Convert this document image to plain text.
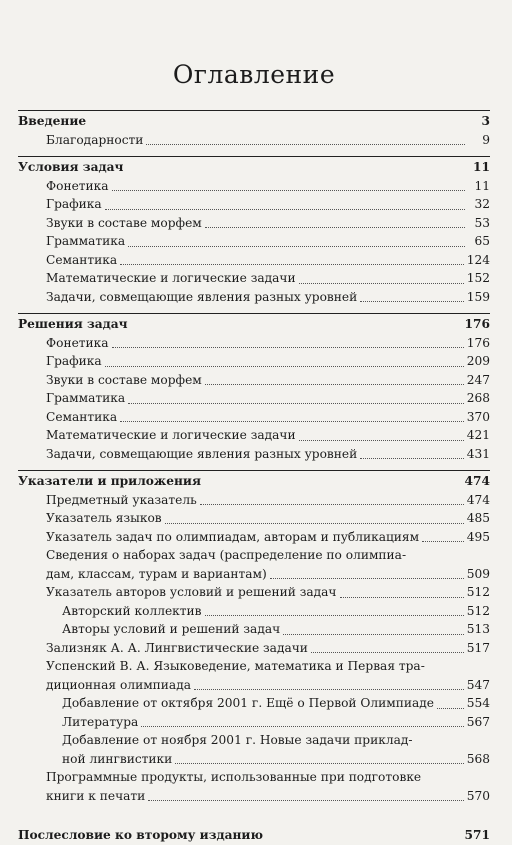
Оглавление
Введение	3
Благодарности	9
Условия задач	11
Фонетика	11
Графика	32
Звуки в составе морфем	53
Грамматика	65
Семантика	124
Математические и логические задачи	152
Задачи, совмещающие явления разных уровней	159
Решения задач	176
Фонетика	176
Графика	209
Звуки в составе морфем	247
Грамматика	268
Семантика	370
Математические и логические задачи	421
Задачи, совмещающие явления разных уровней	431
Указатели и приложения	474
Предметный указатель	474
Указатель языков	485
Указатель задач по олимпиадам, авторам и публикациям	495
Сведения о наборах задач (распределение по олимпиа-
дам, классам, турам и вариантам)	509
Указатель авторов условий и решений задач	512
Авторский коллектив	512
Авторы условий и решений задач	513
Зализняк А. А. Лингвистические задачи	517
Успенский В. А. Языковедение, математика и Первая тра-
диционная олимпиада	547
Добавление от октября 2001 г. Ещё о Первой Олимпиаде	554
Литература	567
Добавление от ноября 2001 г. Новые задачи приклад-
ной лингвистики	568
Программные продукты, использованные при подготовке
книги к печати	570
Послесловие ко второму изданию	571
